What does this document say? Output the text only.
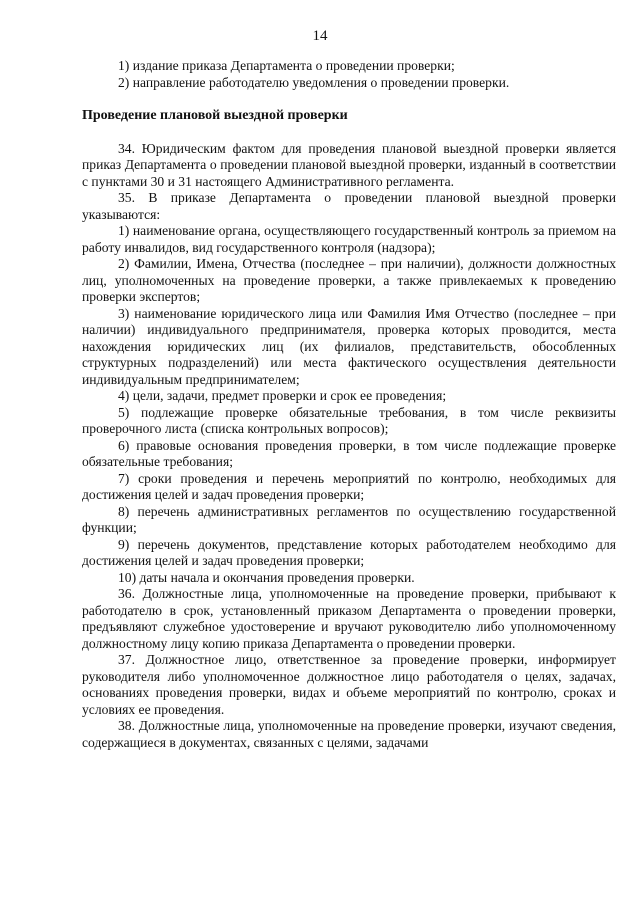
14

1) издание приказа Департамента о проведении проверки;

2) направление работодателю уведомления о проведении проверки.

Проведение плановой выездной проверки

34. Юридическим фактом для проведения плановой выездной проверки является приказ Департамента о проведении плановой выездной проверки, изданный в соответствии с пунктами 30 и 31 настоящего Административного регламента.

35. В приказе Департамента о проведении плановой выездной проверки указываются:

1) наименование органа, осуществляющего государственный контроль за приемом на работу инвалидов, вид государственного контроля (надзора);

2) Фамилии, Имена, Отчества (последнее – при наличии), должности должностных лиц, уполномоченных на проведение проверки, а также привлекаемых к проведению проверки экспертов;

3) наименование юридического лица или Фамилия Имя Отчество (последнее – при наличии) индивидуального предпринимателя, проверка которых проводится, места нахождения юридических лиц (их филиалов, представительств, обособленных структурных подразделений) или места фактического осуществления деятельности индивидуальным предпринимателем;

4) цели, задачи, предмет проверки и срок ее проведения;

5) подлежащие проверке обязательные требования, в том числе реквизиты проверочного листа (списка контрольных вопросов);

6) правовые основания проведения проверки, в том числе подлежащие проверке обязательные требования;

7) сроки проведения и перечень мероприятий по контролю, необходимых для достижения целей и задач проведения проверки;

8) перечень административных регламентов по осуществлению государственной функции;

9) перечень документов, представление которых работодателем необходимо для достижения целей и задач проведения проверки;

10) даты начала и окончания проведения проверки.

36. Должностные лица, уполномоченные на проведение проверки, прибывают к работодателю в срок, установленный приказом Департамента о проведении проверки, предъявляют служебное удостоверение и вручают руководителю либо уполномоченному должностному лицу копию приказа Департамента о проведении проверки.

37. Должностное лицо, ответственное за проведение проверки, информирует руководителя либо уполномоченное должностное лицо работодателя о целях, задачах, основаниях проведения проверки, видах и объеме мероприятий по контролю, сроках и условиях ее проведения.

38. Должностные лица, уполномоченные на проведение проверки, изучают сведения, содержащиеся в документах, связанных с целями, задачами
